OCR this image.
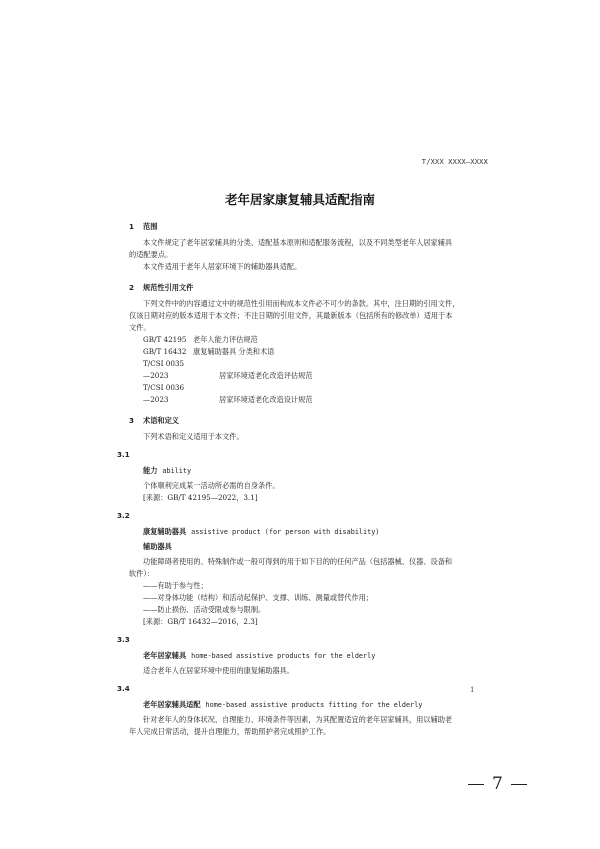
T/XXX XXXX—XXXX
老年居家康复辅具适配指南
1 范围

本文件规定了老年居家辅具的分类、适配基本原则和适配服务流程，以及不同类型老年人居家辅具

的适配要点。

本文件适用于老年人居家环境下的辅助器具适配。

2 规范性引用文件

下列文件中的内容通过文中的规范性引用而构成本文件必不可少的条款。其中，注日期的引用文件，

仅该日期对应的版本适用于本文件；不注日期的引用文件，其最新版本（包括所有的修改单）适用于本

文件。

GB/T 42195 老年人能力评估规范
GB/T 16432 康复辅助器具 分类和术语
T/CSI 0035—2023	居家环境适老化改造评估规范
T/CSI 0036—2023	居家环境适老化改造设计规范
3 术语和定义

下列术语和定义适用于本文件。

3.1
能力 ability

个体顺利完成某一活动所必需的自身条件。

[来源：GB/T 42195—2022，3.1]

3.2
康复辅助器具 assistive product (for person with disability)
辅助器具

功能障碍者使用的、特殊制作或一般可得到的用于如下目的的任何产品（包括器械、仪器、设备和

软件）：

——有助于参与性；

——对身体功能（结构）和活动起保护、支撑、训练、测量或替代作用；

——防止损伤、活动受限或参与限制。

[来源：GB/T 16432—2016，2.3]

3.3
老年居家辅具 home-based assistive products for the elderly

适合老年人在居家环境中使用的康复辅助器具。

3.4
老年居家辅具适配 home-based assistive products fitting for the elderly

针对老年人的身体状况、自理能力、环境条件等因素，为其配置适宜的老年居家辅具，用以辅助老

年人完成日常活动，提升自理能力，帮助照护者完成照护工作。

1
7
